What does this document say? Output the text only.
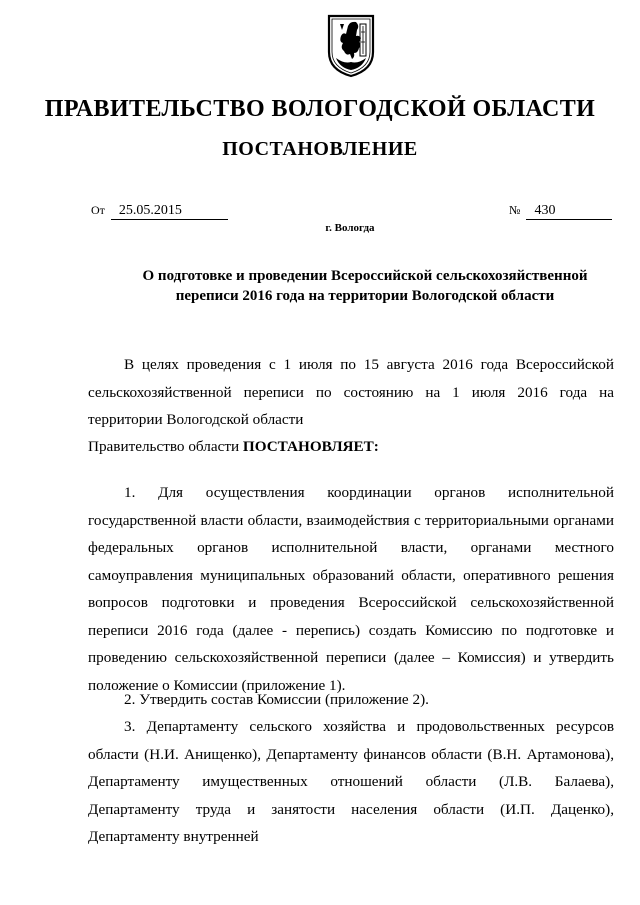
ПРАВИТЕЛЬСТВО ВОЛОГОДСКОЙ ОБЛАСТИ
ПОСТАНОВЛЕНИЕ
От 25.05.2015	№ 430
г. Вологда
О подготовке и проведении Всероссийской сельскохозяйственной
переписи 2016 года на территории Вологодской области

В целях проведения с 1 июля по 15 августа 2016 года Всероссийской сельскохозяйственной переписи по состоянию на 1 июля 2016 года на территории Вологодской области

Правительство области ПОСТАНОВЛЯЕТ:

1. Для осуществления координации органов исполнительной государственной власти области, взаимодействия с территориальными органами федеральных органов исполнительной власти, органами местного самоуправления муниципальных образований области, оперативного решения вопросов подготовки и проведения Всероссийской сельскохозяйственной переписи 2016 года (далее - перепись) создать Комиссию по подготовке и проведению сельскохозяйственной переписи (далее – Комиссия) и утвердить положение о Комиссии (приложение 1).

2. Утвердить состав Комиссии (приложение 2).

3. Департаменту сельского хозяйства и продовольственных ресурсов области (Н.И. Анищенко), Департаменту финансов области (В.Н. Артамонова), Департаменту имущественных отношений области (Л.В. Балаева), Департаменту труда и занятости населения области (И.П. Даценко), Департаменту внутренней
